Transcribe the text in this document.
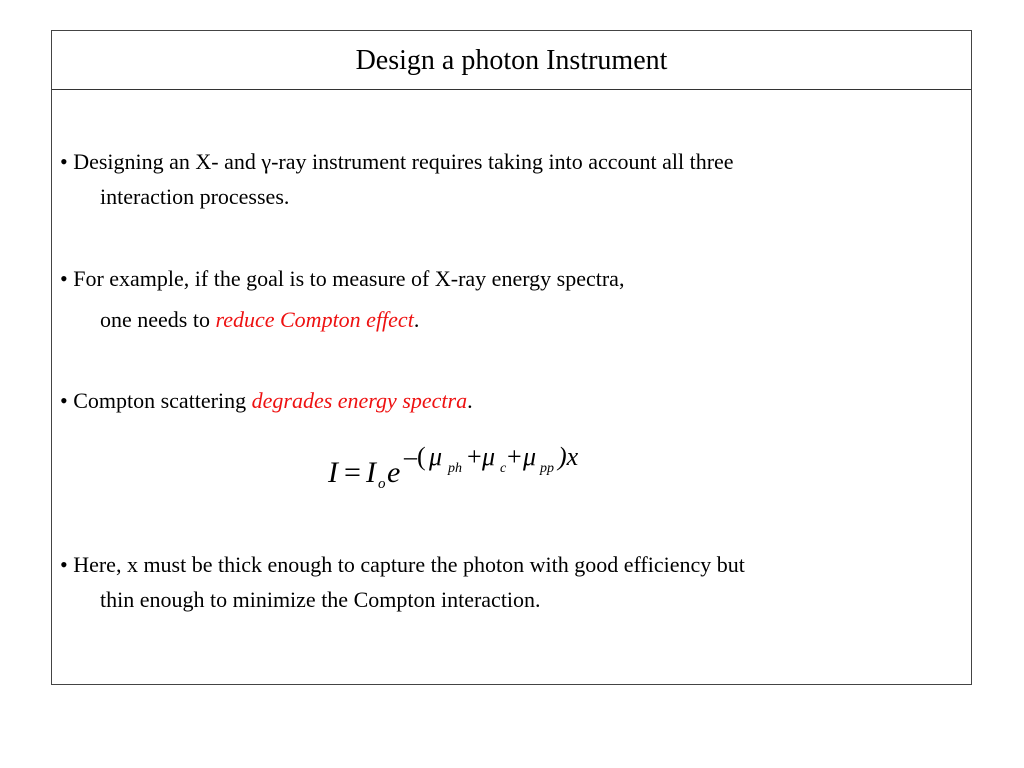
Design a photon Instrument
• Designing an X- and γ-ray instrument requires taking into account all three
interaction processes.
• For example, if the goal is to measure of X-ray energy spectra,
one needs to reduce Compton effect.
• Compton scattering degrades energy spectra.
I = I o e –( μ ph + μ c + μ pp )x
• Here, x must be thick enough to capture the photon with good efficiency but
thin enough to minimize the Compton interaction.
